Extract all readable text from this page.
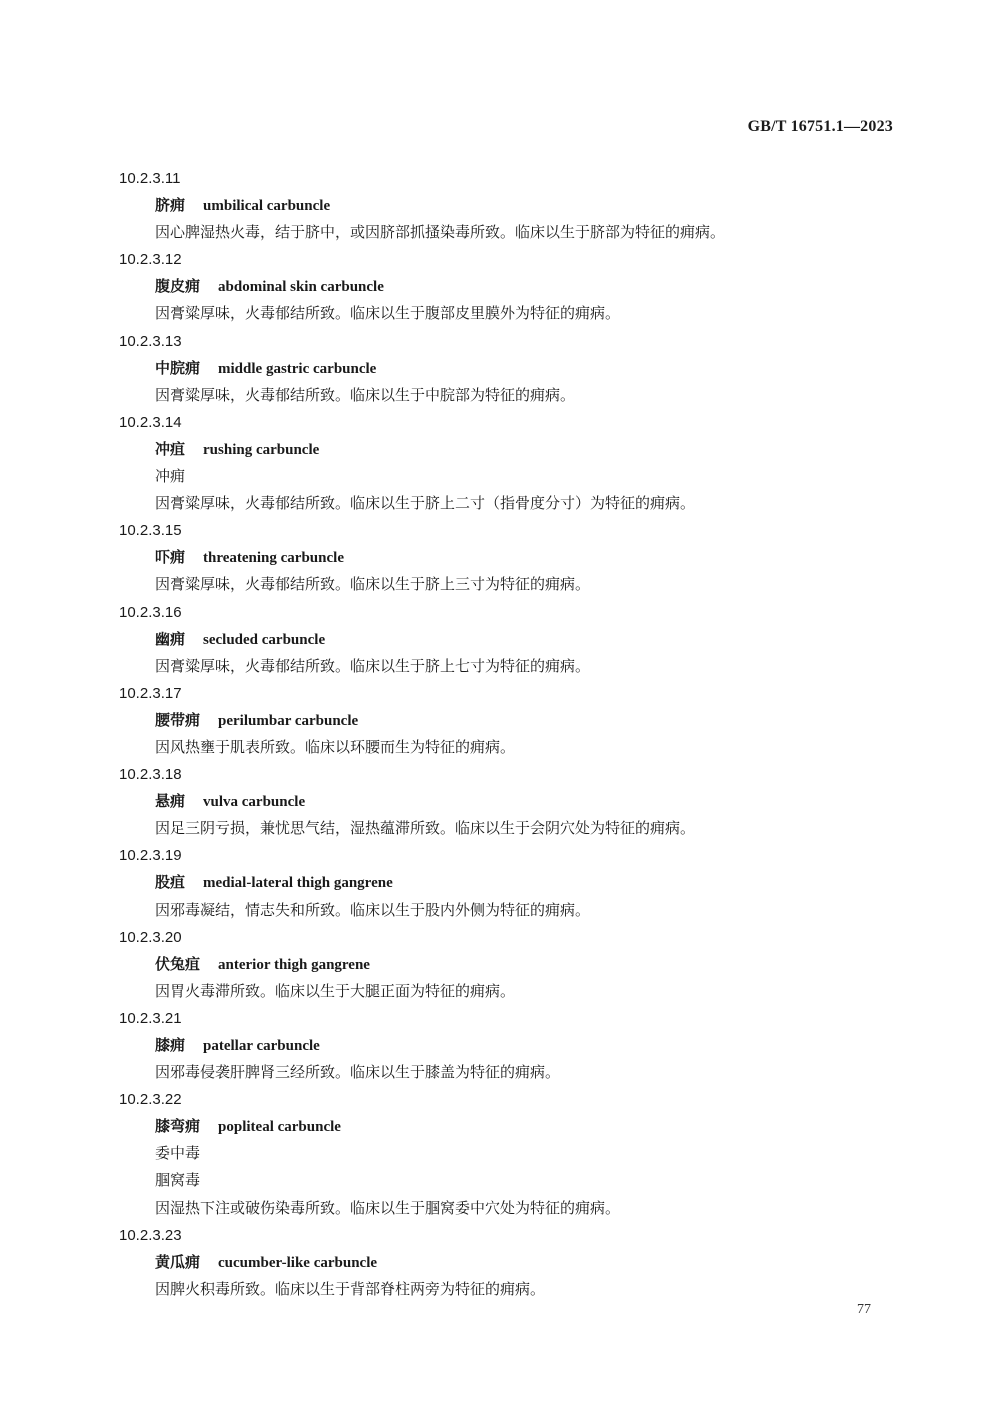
GB/T 16751.1—2023
10.2.3.11
脐痈 umbilical carbuncle
因心脾湿热火毒，结于脐中，或因脐部抓搔染毒所致。临床以生于脐部为特征的痈病。
10.2.3.12
腹皮痈 abdominal skin carbuncle
因膏粱厚味，火毒郁结所致。临床以生于腹部皮里膜外为特征的痈病。
10.2.3.13
中脘痈 middle gastric carbuncle
因膏粱厚味，火毒郁结所致。临床以生于中脘部为特征的痈病。
10.2.3.14
冲疽 rushing carbuncle
冲痈
因膏粱厚味，火毒郁结所致。临床以生于脐上二寸（指骨度分寸）为特征的痈病。
10.2.3.15
吓痈 threatening carbuncle
因膏粱厚味，火毒郁结所致。临床以生于脐上三寸为特征的痈病。
10.2.3.16
幽痈 secluded carbuncle
因膏粱厚味，火毒郁结所致。临床以生于脐上七寸为特征的痈病。
10.2.3.17
腰带痈 perilumbar carbuncle
因风热壅于肌表所致。临床以环腰而生为特征的痈病。
10.2.3.18
悬痈 vulva carbuncle
因足三阴亏损，兼忧思气结，湿热蕴滞所致。临床以生于会阴穴处为特征的痈病。
10.2.3.19
股疽 medial-lateral thigh gangrene
因邪毒凝结，情志失和所致。临床以生于股内外侧为特征的痈病。
10.2.3.20
伏兔疽 anterior thigh gangrene
因胃火毒滞所致。临床以生于大腿正面为特征的痈病。
10.2.3.21
膝痈 patellar carbuncle
因邪毒侵袭肝脾肾三经所致。临床以生于膝盖为特征的痈病。
10.2.3.22
膝弯痈 popliteal carbuncle
委中毒
腘窝毒
因湿热下注或破伤染毒所致。临床以生于腘窝委中穴处为特征的痈病。
10.2.3.23
黄瓜痈 cucumber-like carbuncle
因脾火积毒所致。临床以生于背部脊柱两旁为特征的痈病。
77
